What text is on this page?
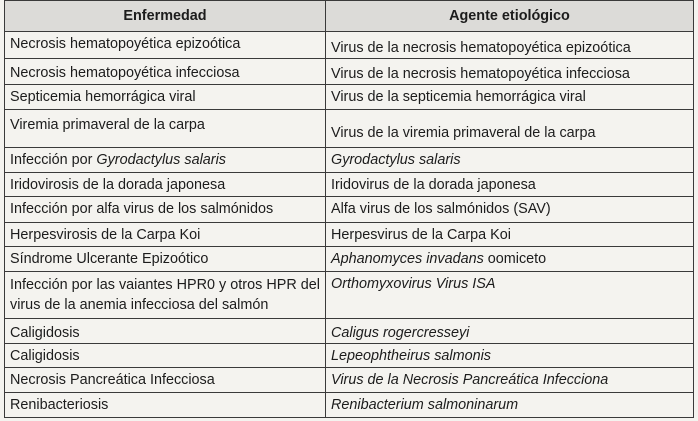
Enfermedad	Agente etiológico
Necrosis hematopoyética epizoótica	Virus de la necrosis hematopoyética epizoótica
Necrosis hematopoyética infecciosa	Virus de la necrosis hematopoyética infecciosa
Septicemia hemorrágica viral	Virus de la septicemia hemorrágica viral
Viremia primaveral de la carpa	Virus de la viremia primaveral de la carpa
Infección por Gyrodactylus salaris	Gyrodactylus salaris
Iridovirosis de la dorada japonesa	Iridovirus de la dorada japonesa
Infección por alfa virus de los salmónidos	Alfa virus de los salmónidos (SAV)
Herpesvirosis de la Carpa Koi	Herpesvirus de la Carpa Koi
Síndrome Ulcerante Epizoótico	Aphanomyces invadans oomiceto
Infección por las vaiantes HPR0 y otros HPR del virus de la anemia infecciosa del salmón	Orthomyxovirus Virus ISA
Caligidosis	Caligus rogercresseyi
Caligidosis	Lepeophtheirus salmonis
Necrosis Pancreática Infecciosa	Virus de la Necrosis Pancreática Infecciona
Renibacteriosis	Renibacterium salmoninarum
